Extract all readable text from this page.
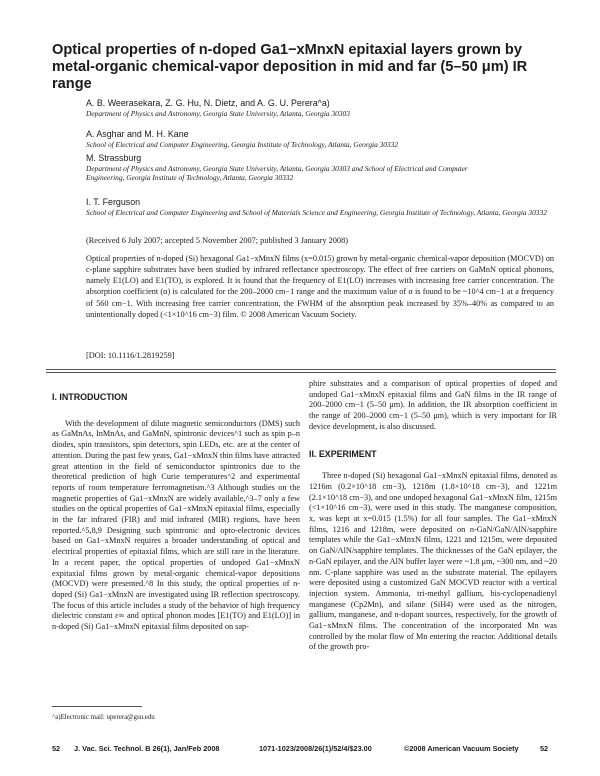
Optical properties of n-doped Ga1−xMnxN epitaxial layers grown by metal-organic chemical-vapor deposition in mid and far (5–50 μm) IR range

A. B. Weerasekara, Z. G. Hu, N. Dietz, and A. G. U. Perera^a)

Department of Physics and Astronomy, Georgia State University, Atlanta, Georgia 30303

A. Asghar and M. H. Kane

School of Electrical and Computer Engineering, Georgia Institute of Technology, Atlanta, Georgia 30332

M. Strassburg

Department of Physics and Astronomy, Georgia State University, Atlanta, Georgia 30303 and School of Electrical and Computer Engineering, Georgia Institute of Technology, Atlanta, Georgia 30332

I. T. Ferguson

School of Electrical and Computer Engineering and School of Materials Science and Engineering, Georgia Institute of Technology, Atlanta, Georgia 30332

(Received 6 July 2007; accepted 5 November 2007; published 3 January 2008)

Optical properties of n-doped (Si) hexagonal Ga1−xMnxN films (x=0.015) grown by metal-organic chemical-vapor deposition (MOCVD) on c-plane sapphire substrates have been studied by infrared reflectance spectroscopy. The effect of free carriers on GaMnN optical phonons, namely E1(LO) and E1(TO), is explored. It is found that the frequency of E1(LO) increases with increasing free carrier concentration. The absorption coefficient (α) is calculated for the 200–2000 cm−1 range and the maximum value of α is found to be ~10^4 cm−1 at a frequency of 560 cm−1. With increasing free carrier concentration, the FWHM of the absorption peak increased by 35%–40% as compared to an unintentionally doped (<1×10^16 cm−3) film. © 2008 American Vacuum Society.

[DOI: 10.1116/1.2819259]

I. INTRODUCTION

With the development of dilute magnetic semiconductors (DMS) such as GaMnAs, InMnAs, and GaMnN, spintronic devices^1 such as spin p–n diodes, spin transistors, spin detectors, spin LEDs, etc. are at the center of attention. During the past few years, Ga1−xMnxN thin films have attracted great attention in the field of semiconductor spintronics due to the theoretical prediction of high Curie temperatures^2 and experimental reports of room temperature ferromagnetism.^3 Although studies on the magnetic properties of Ga1−xMnxN are widely available,^3–7 only a few studies on the optical properties of Ga1−xMnxN epitaxial films, especially in the far infrared (FIR) and mid infrared (MIR) regions, have been reported.^5,8,9 Designing such spintronic and opto-electronic devices based on Ga1−xMnxN requires a broader understanding of optical and electrical properties of epitaxial films, which are still rare in the literature. In a recent paper, the optical properties of undoped Ga1−xMnxN expitaxial films grown by metal-organic chemical-vapor depositions (MOCVD) were presented.^8 In this study, the optical properties of n-doped (Si) Ga1−xMnxN are investigated using IR reflection spectroscopy. The focus of this article includes a study of the behavior of high frequency dielectric constant ε∞ and optical phonon modes [E1(TO) and E1(LO)] in n-doped (Si) Ga1−xMnxN epitaxial films deposited on sap-

phire substrates and a comparison of optical properties of doped and undoped Ga1−xMnxN epitaxial films and GaN films in the IR range of 200–2000 cm−1 (5–50 μm). In addition, the IR absorption coefficient in the range of 200–2000 cm−1 (5–50 μm), which is very important for IR device development, is also discussed.

II. EXPERIMENT

Three n-doped (Si) hexagonal Ga1−xMnxN epitaxial films, denoted as 1216m (0.2×10^18 cm−3), 1218m (1.8×10^18 cm−3), and 1221m (2.1×10^18 cm−3), and one undoped hexagonal Ga1−xMnxN film, 1215m (<1×10^16 cm−3), were used in this study. The manganese composition, x, was kept at x=0.015 (1.5%) for all four samples. The Ga1−xMnxN films, 1216 and 1218m, were deposited on n-GaN/GaN/AlN/sapphire templates while the Ga1−xMnxN films, 1221 and 1215m, were deposited on GaN/AlN/sapphire templates. The thicknesses of the GaN epilayer, the n-GaN epilayer, and the AlN buffer layer were ~1.8 μm, ~300 nm, and ~20 nm. C-plane sapphire was used as the substrate material. The epilayers were deposited using a customized GaN MOCVD reactor with a vertical injection system. Ammonia, tri-methyl gallium, bis-cyclopenadienyl manganese (Cp2Mn), and silane (SiH4) were used as the nitrogen, gallium, manganese, and n-dopant sources, respectively, for the growth of Ga1−xMnxN films. The concentration of the incorporated Mn was controlled by the molar flow of Mn entering the reactor. Additional details of the growth pro-

^a)Electronic mail: uperera@gsu.edu

52 J. Vac. Sci. Technol. B 26(1), Jan/Feb 2008	1071-1023/2008/26(1)/52/4/$23.00	©2008 American Vacuum Society	52
